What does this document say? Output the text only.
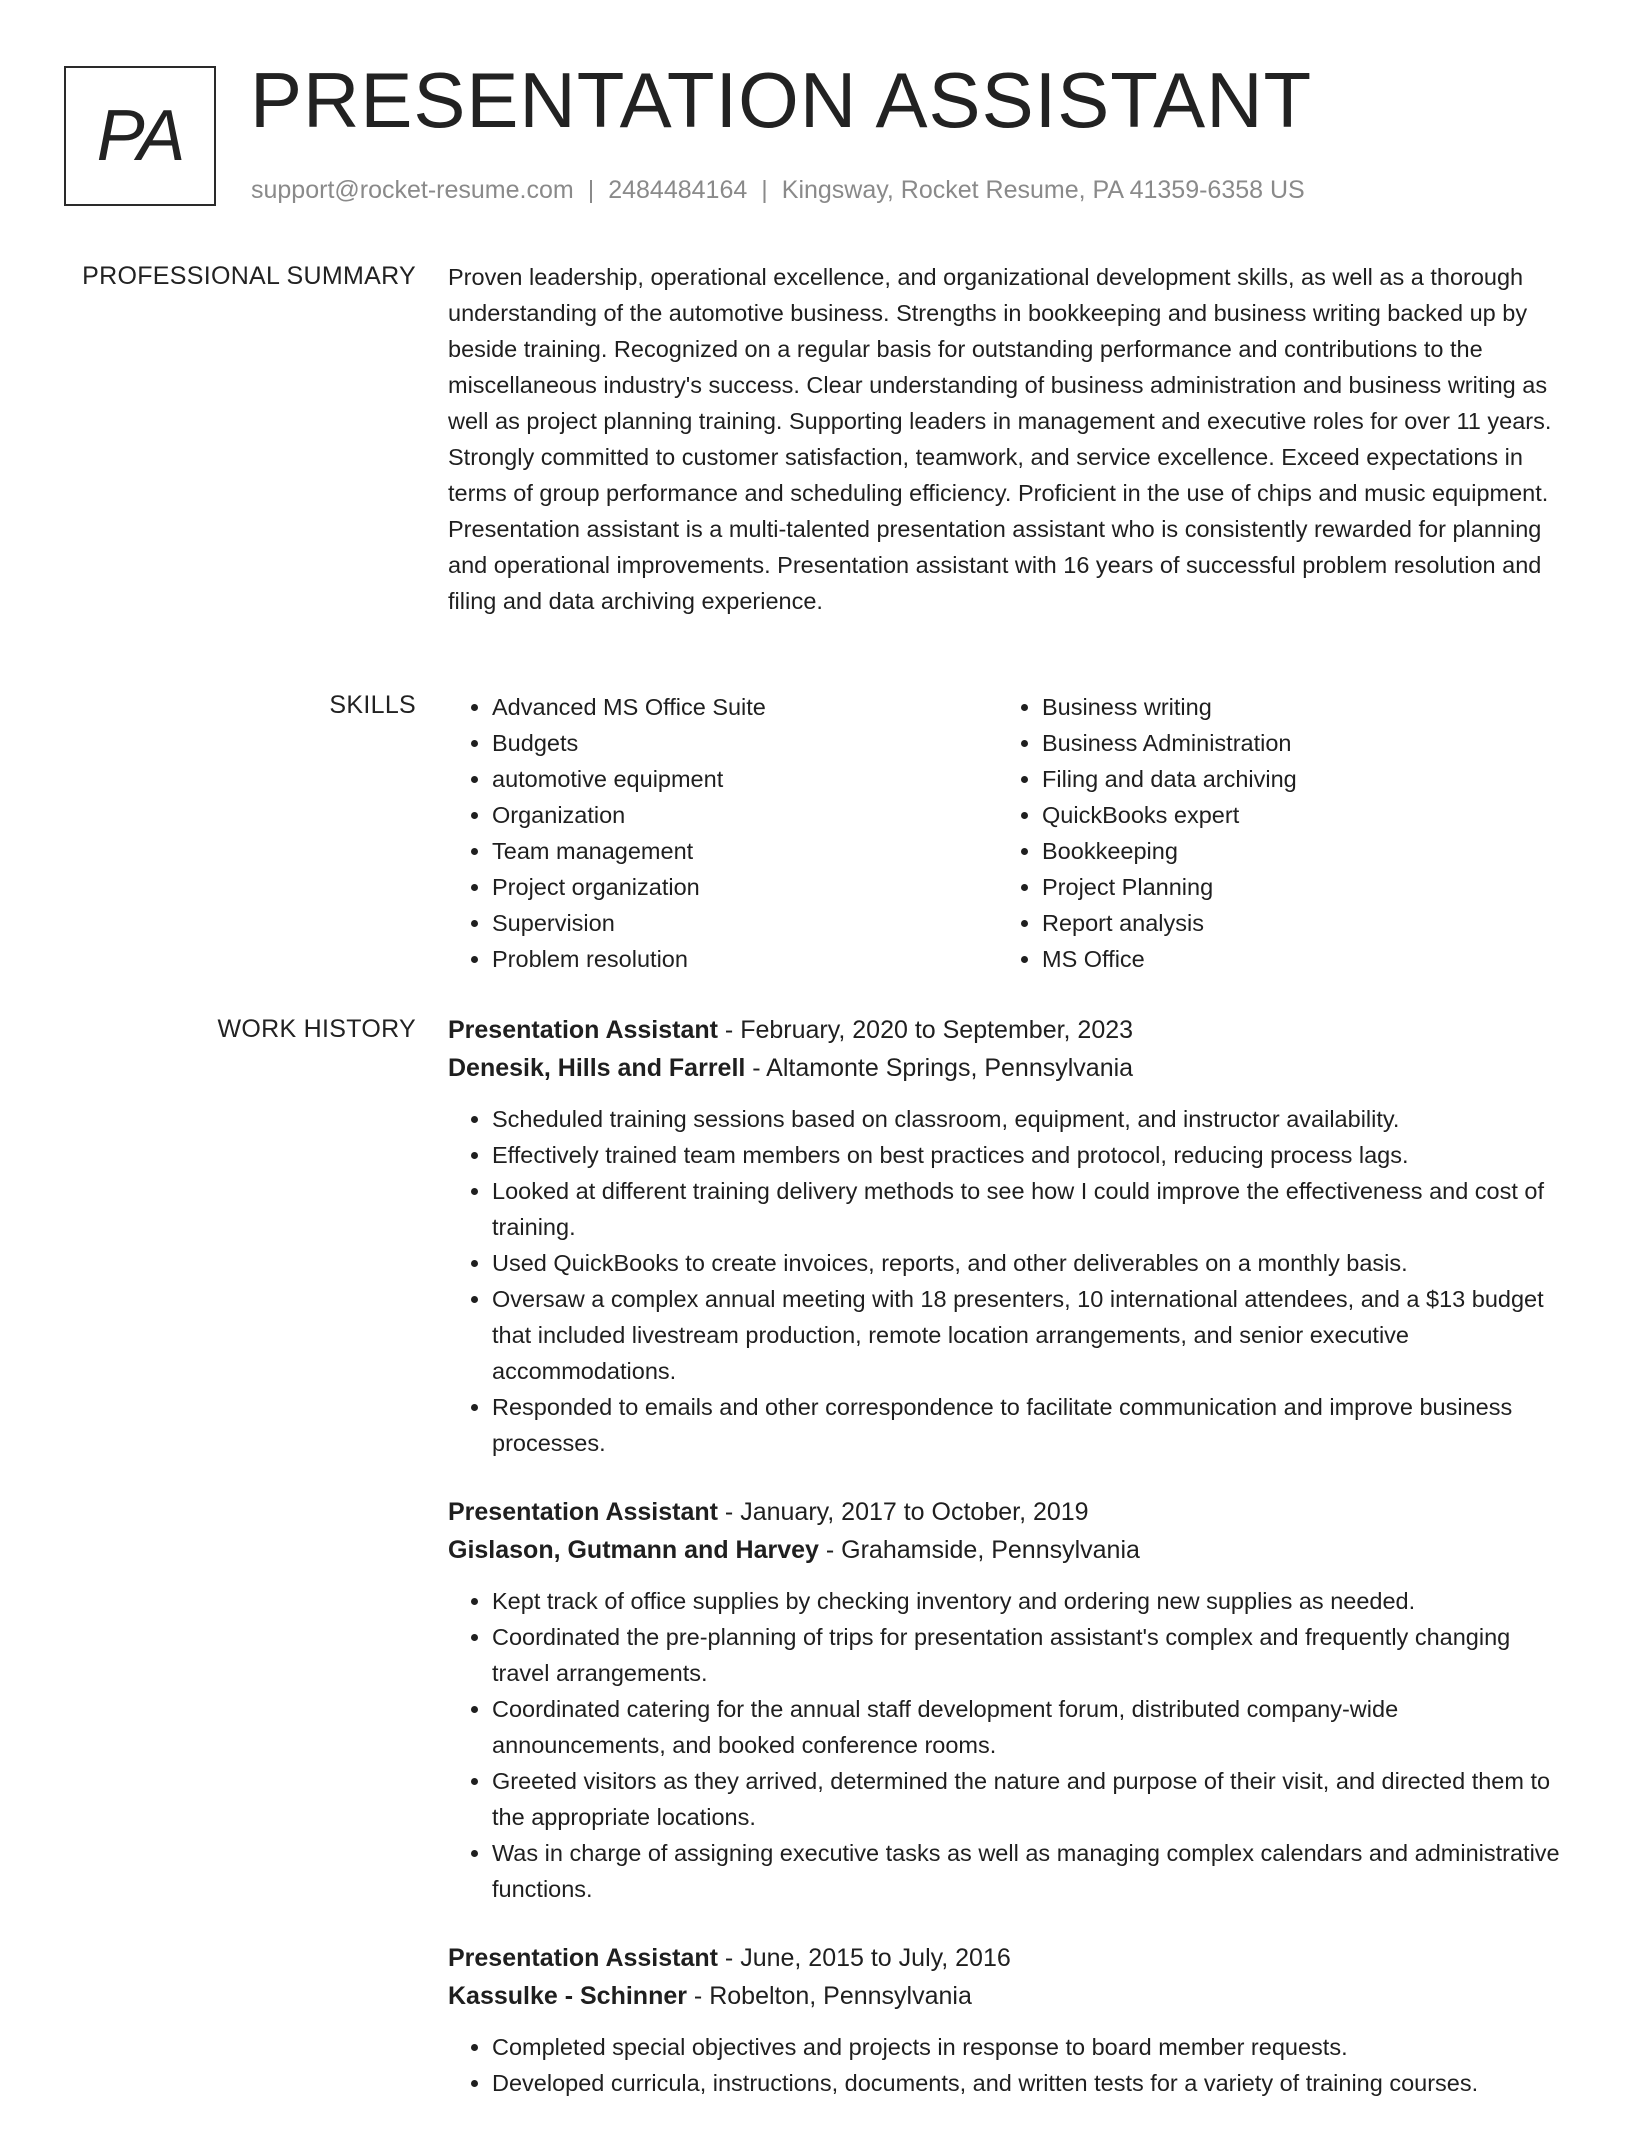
PA PRESENTATION ASSISTANT
support@rocket-resume.com | 2484484164 | Kingsway, Rocket Resume, PA 41359-6358 US
PROFESSIONAL SUMMARY Proven leadership, operational excellence, and organizational development skills, as well as a thorough understanding of the automotive business. Strengths in bookkeeping and business writing backed up by beside training. Recognized on a regular basis for outstanding performance and contributions to the miscellaneous industry's success. Clear understanding of business administration and business writing as well as project planning training. Supporting leaders in management and executive roles for over 11 years. Strongly committed to customer satisfaction, teamwork, and service excellence. Exceed expectations in terms of group performance and scheduling efficiency. Proficient in the use of chips and music equipment. Presentation assistant is a multi-talented presentation assistant who is consistently rewarded for planning and operational improvements. Presentation assistant with 16 years of successful problem resolution and filing and data archiving experience.

SKILLS
•	Advanced MS Office Suite
• Budgets
• automotive equipment
• Organization
• Team management
• Project organization
• Supervision
• Problem resolution
• Business writing
• Business Administration
• Filing and data archiving
• QuickBooks expert
• Bookkeeping
• Project Planning
• Report analysis
• MS Office
WORK HISTORY Presentation Assistant - February, 2020 to September, 2023
Denesik, Hills and Farrell - Altamonte Springs, Pennsylvania
• Scheduled training sessions based on classroom, equipment, and instructor availability.
• Effectively trained team members on best practices and protocol, reducing process lags.
• Looked at different training delivery methods to see how I could improve the effectiveness and cost of training.
• Used QuickBooks to create invoices, reports, and other deliverables on a monthly basis.
• Oversaw a complex annual meeting with 18 presenters, 10 international attendees, and a $13 budget that included livestream production, remote location arrangements, and senior executive accommodations.
• Responded to emails and other correspondence to facilitate communication and improve business processes.
Presentation Assistant - January, 2017 to October, 2019
Gislason, Gutmann and Harvey - Grahamside, Pennsylvania
• Kept track of office supplies by checking inventory and ordering new supplies as needed.
• Coordinated the pre-planning of trips for presentation assistant's complex and frequently changing travel arrangements.
• Coordinated catering for the annual staff development forum, distributed company-wide announcements, and booked conference rooms.
• Greeted visitors as they arrived, determined the nature and purpose of their visit, and directed them to the appropriate locations.
• Was in charge of assigning executive tasks as well as managing complex calendars and administrative functions.
Presentation Assistant - June, 2015 to July, 2016
Kassulke - Schinner - Robelton, Pennsylvania
• Completed special objectives and projects in response to board member requests.
• Developed curricula, instructions, documents, and written tests for a variety of training courses.
